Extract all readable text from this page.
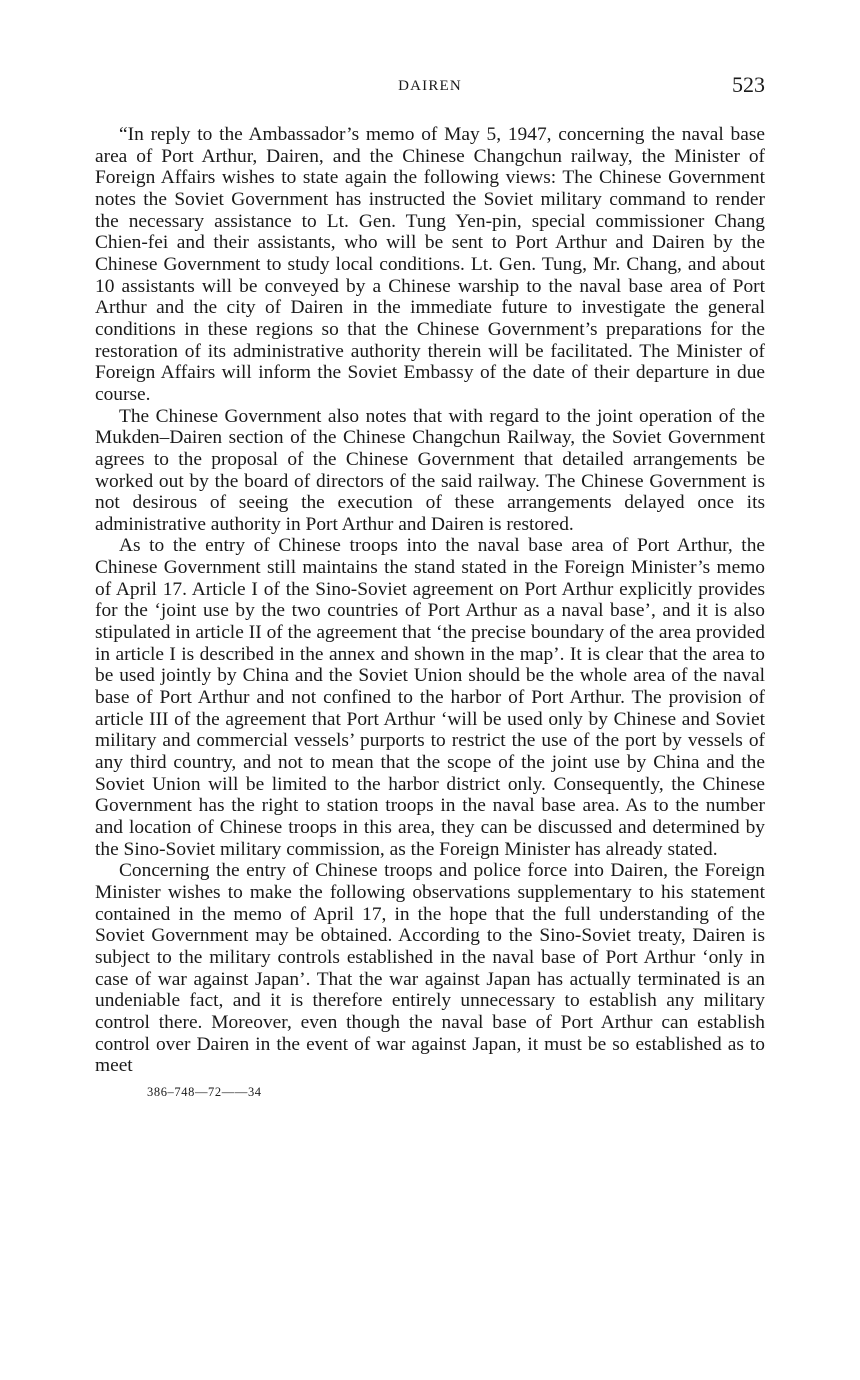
DAIREN	523

“In reply to the Ambassador’s memo of May 5, 1947, concerning the naval base area of Port Arthur, Dairen, and the Chinese Changchun railway, the Minister of Foreign Affairs wishes to state again the following views: The Chinese Government notes the Soviet Government has instructed the Soviet military command to render the necessary assistance to Lt. Gen. Tung Yen-pin, special commissioner Chang Chien-fei and their assistants, who will be sent to Port Arthur and Dairen by the Chinese Government to study local conditions. Lt. Gen. Tung, Mr. Chang, and about 10 assistants will be conveyed by a Chinese warship to the naval base area of Port Arthur and the city of Dairen in the immediate future to investigate the general conditions in these regions so that the Chinese Government’s preparations for the restoration of its administrative authority therein will be facilitated. The Minister of Foreign Affairs will inform the Soviet Embassy of the date of their departure in due course.

The Chinese Government also notes that with regard to the joint operation of the Mukden–Dairen section of the Chinese Changchun Railway, the Soviet Government agrees to the proposal of the Chinese Government that detailed arrangements be worked out by the board of directors of the said railway. The Chinese Government is not desirous of seeing the execution of these arrangements delayed once its administrative authority in Port Arthur and Dairen is restored.

As to the entry of Chinese troops into the naval base area of Port Arthur, the Chinese Government still maintains the stand stated in the Foreign Minister’s memo of April 17. Article I of the Sino-Soviet agreement on Port Arthur explicitly provides for the ‘joint use by the two countries of Port Arthur as a naval base’, and it is also stipulated in article II of the agreement that ‘the precise boundary of the area provided in article I is described in the annex and shown in the map’. It is clear that the area to be used jointly by China and the Soviet Union should be the whole area of the naval base of Port Arthur and not confined to the harbor of Port Arthur. The provision of article III of the agreement that Port Arthur ‘will be used only by Chinese and Soviet military and commercial vessels’ purports to restrict the use of the port by vessels of any third country, and not to mean that the scope of the joint use by China and the Soviet Union will be limited to the harbor district only. Consequently, the Chinese Government has the right to station troops in the naval base area. As to the number and location of Chinese troops in this area, they can be discussed and determined by the Sino-Soviet military commission, as the Foreign Minister has already stated.

Concerning the entry of Chinese troops and police force into Dairen, the Foreign Minister wishes to make the following observations supplementary to his statement contained in the memo of April 17, in the hope that the full understanding of the Soviet Government may be obtained. According to the Sino-Soviet treaty, Dairen is subject to the military controls established in the naval base of Port Arthur ‘only in case of war against Japan’. That the war against Japan has actually terminated is an undeniable fact, and it is therefore entirely unnecessary to establish any military control there. Moreover, even though the naval base of Port Arthur can establish control over Dairen in the event of war against Japan, it must be so established as to meet

386–748—72——34
